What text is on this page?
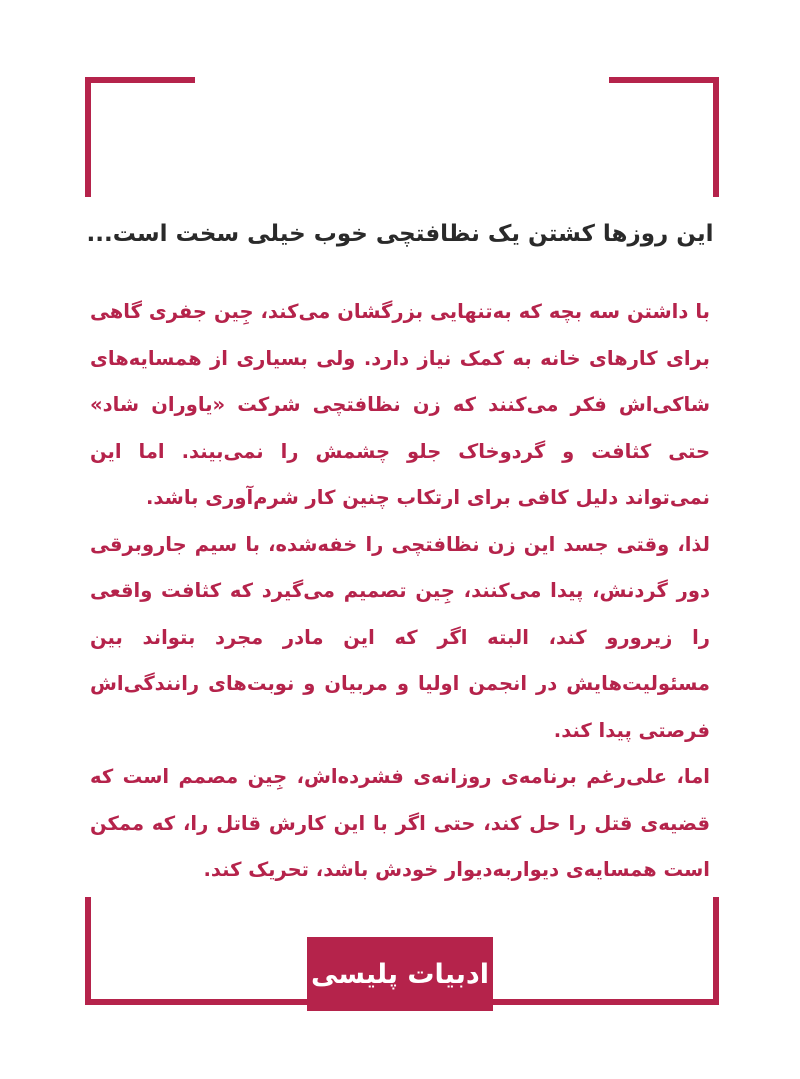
این روزها کشتن یک نظافتچی خوب خیلی سخت است...

با داشتن سه بچه که به‌تنهایی بزرگشان می‌کند، جِین جفری گاهی برای کارهای خانه به کمک نیاز دارد. ولی بسیاری از همسایه‌های شاکی‌اش فکر می‌کنند که زن نظافتچی شرکت «یاوران شاد» حتی کثافت و گردوخاک جلو چشمش را نمی‌بیند. اما این نمی‌تواند دلیل کافی برای ارتکاب چنین کار شرم‌آوری باشد.

لذا، وقتی جسد این زن نظافتچی را خفه‌شده، با سیم جاروبرقی دور گردنش، پیدا می‌کنند، جِین تصمیم می‌گیرد که کثافت واقعی را زیرورو کند، البته اگر که این مادر مجرد بتواند بین مسئولیت‌هایش در انجمن اولیا و مربیان و نوبت‌های رانندگی‌اش فرصتی پیدا کند.

اما، علی‌رغم برنامه‌ی روزانه‌ی فشرده‌اش، جِین مصمم است که قضیه‌ی قتل را حل کند، حتی اگر با این کارش قاتل را، که ممکن است همسایه‌ی دیواربه‌دیوار خودش باشد، تحریک کند.

ادبیات پلیسی
